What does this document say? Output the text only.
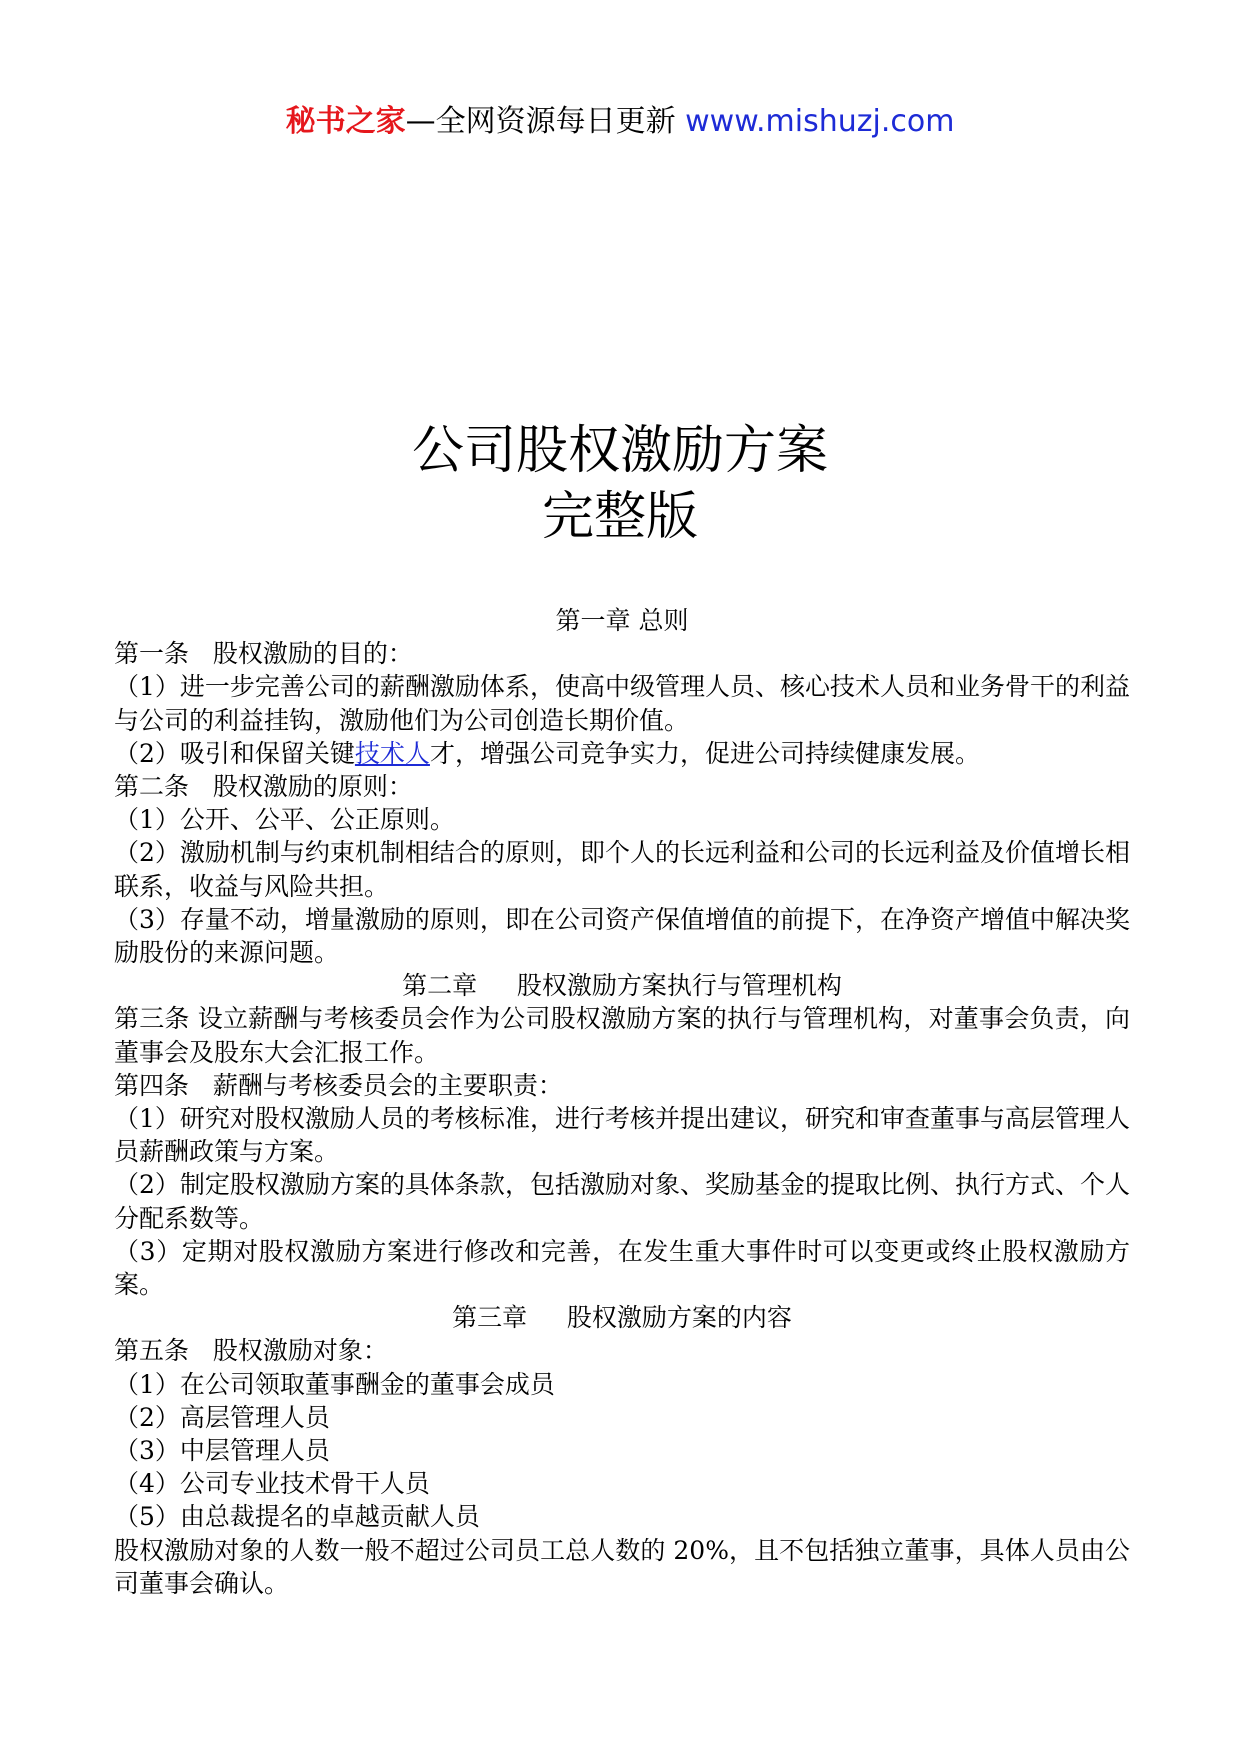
秘书之家—全网资源每日更新 www.mishuzj.com
公司股权激励方案
完整版

第一章 总则

第一条   股权激励的目的：

（1）进一步完善公司的薪酬激励体系，使高中级管理人员、核心技术人员和业务骨干的利益与公司的利益挂钩，激励他们为公司创造长期价值。

（2）吸引和保留关键技术人才，增强公司竞争实力，促进公司持续健康发展。

第二条   股权激励的原则：

（1）公开、公平、公正原则。

（2）激励机制与约束机制相结合的原则，即个人的长远利益和公司的长远利益及价值增长相联系，收益与风险共担。

（3）存量不动，增量激励的原则，即在公司资产保值增值的前提下，在净资产增值中解决奖励股份的来源问题。

第二章     股权激励方案执行与管理机构

第三条 设立薪酬与考核委员会作为公司股权激励方案的执行与管理机构，对董事会负责，向董事会及股东大会汇报工作。

第四条   薪酬与考核委员会的主要职责：

（1）研究对股权激励人员的考核标准，进行考核并提出建议，研究和审查董事与高层管理人员薪酬政策与方案。

（2）制定股权激励方案的具体条款，包括激励对象、奖励基金的提取比例、执行方式、个人分配系数等。

（3）定期对股权激励方案进行修改和完善，在发生重大事件时可以变更或终止股权激励方案。

第三章     股权激励方案的内容

第五条   股权激励对象：

（1）在公司领取董事酬金的董事会成员

（2）高层管理人员

（3）中层管理人员

（4）公司专业技术骨干人员

（5）由总裁提名的卓越贡献人员

股权激励对象的人数一般不超过公司员工总人数的 20%，且不包括独立董事，具体人员由公司董事会确认。
